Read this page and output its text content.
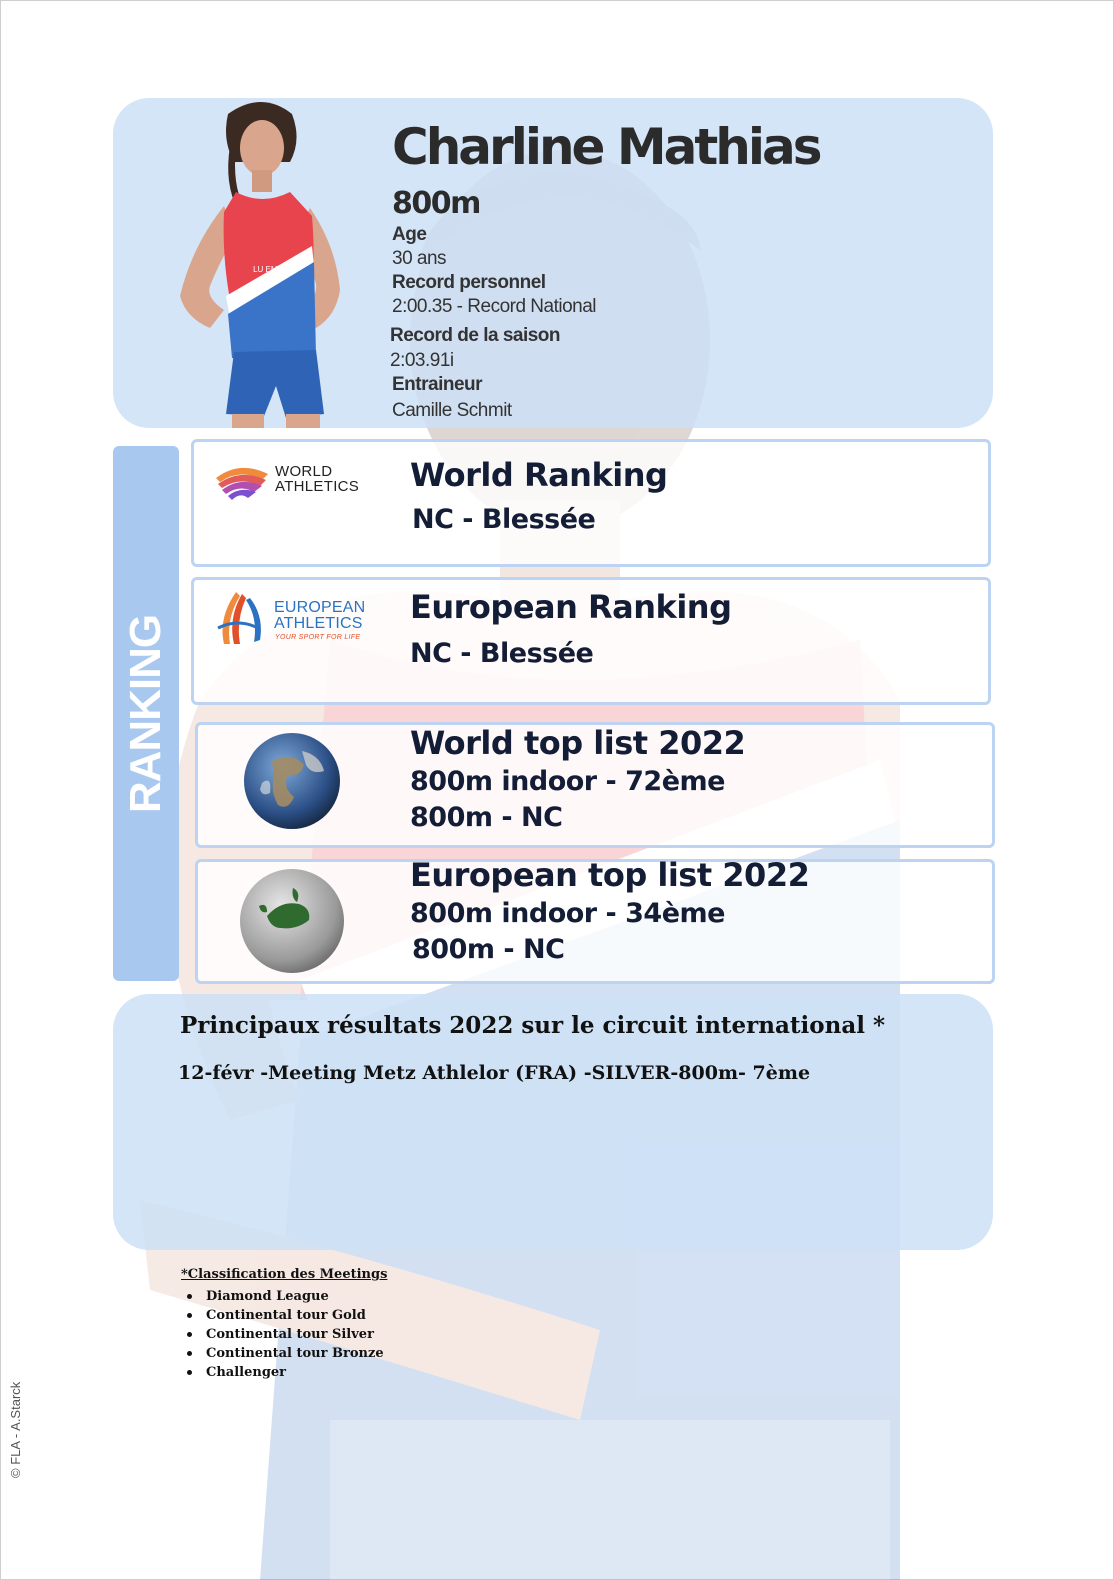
LU EMBOU
Charline Mathias
800m
Age
30 ans
Record personnel
2:00.35 - Record National
Record de la saison
2:03.91i
Entraineur
Camille Schmit
RANKING
WORLD
ATHLETICS World Ranking
NC - Blessée
EUROPEAN
ATHLETICS
YOUR SPORT FOR LIFE
European Ranking
NC - Blessée
World top list 2022
800m indoor - 72ème
800m - NC
European top list 2022
800m indoor - 34ème
800m - NC
Principaux résultats 2022 sur le circuit international *
12-févr -Meeting Metz Athlelor (FRA) -SILVER-800m- 7ème
*Classification des Meetings
Diamond League
Continental tour Gold
Continental tour Silver
Continental tour Bronze
Challenger
© FLA - A.Starck
